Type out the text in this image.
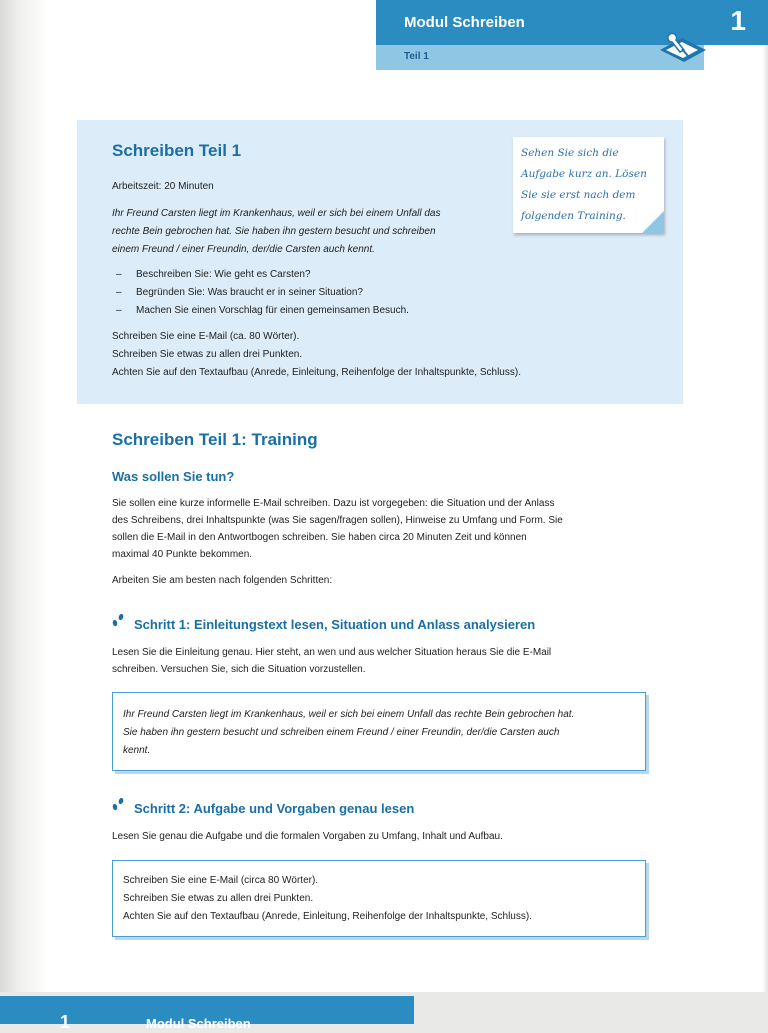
Modul Schreiben	1
Teil 1
Schreiben Teil 1
Arbeitszeit: 20 Minuten
Ihr Freund Carsten liegt im Krankenhaus, weil er sich bei einem Unfall das
rechte Bein gebrochen hat. Sie haben ihn gestern besucht und schreiben
einem Freund / einer Freundin, der/die Carsten auch kennt.
– Beschreiben Sie: Wie geht es Carsten?
– Begründen Sie: Was braucht er in seiner Situation?
– Machen Sie einen Vorschlag für einen gemeinsamen Besuch.
Schreiben Sie eine E-Mail (ca. 80 Wörter).
Schreiben Sie etwas zu allen drei Punkten.
Achten Sie auf den Textaufbau (Anrede, Einleitung, Reihenfolge der Inhaltspunkte, Schluss).
Sehen Sie sich die
Aufgabe kurz an. Lösen
Sie sie erst nach dem
folgenden Training.
Schreiben Teil 1: Training
Was sollen Sie tun?
Sie sollen eine kurze informelle E-Mail schreiben. Dazu ist vorgegeben: die Situation und der Anlass
des Schreibens, drei Inhaltspunkte (was Sie sagen/fragen sollen), Hinweise zu Umfang und Form. Sie
sollen die E-Mail in den Antwortbogen schreiben. Sie haben circa 20 Minuten Zeit und können
maximal 40 Punkte bekommen.
Arbeiten Sie am besten nach folgenden Schritten:
Schritt 1: Einleitungstext lesen, Situation und Anlass analysieren
Lesen Sie die Einleitung genau. Hier steht, an wen und aus welcher Situation heraus Sie die E-Mail
schreiben. Versuchen Sie, sich die Situation vorzustellen.
Ihr Freund Carsten liegt im Krankenhaus, weil er sich bei einem Unfall das rechte Bein gebrochen hat.
Sie haben ihn gestern besucht und schreiben einem Freund / einer Freundin, der/die Carsten auch
kennt.
Schritt 2: Aufgabe und Vorgaben genau lesen
Lesen Sie genau die Aufgabe und die formalen Vorgaben zu Umfang, Inhalt und Aufbau.
Schreiben Sie eine E-Mail (circa 80 Wörter).
Schreiben Sie etwas zu allen drei Punkten.
Achten Sie auf den Textaufbau (Anrede, Einleitung, Reihenfolge der Inhaltspunkte, Schluss).
1	Modul Schreiben
